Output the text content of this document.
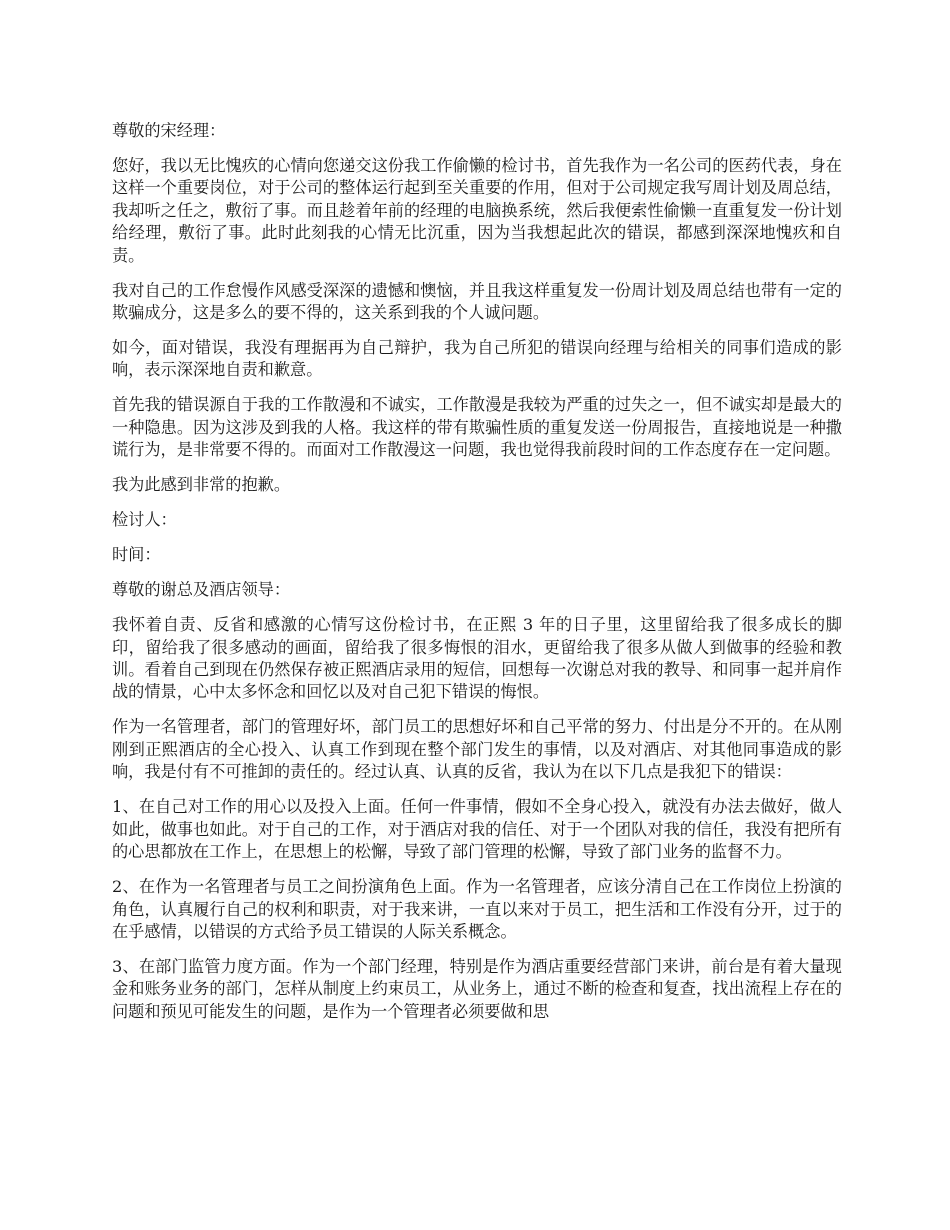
尊敬的宋经理：

您好，我以无比愧疚的心情向您递交这份我工作偷懒的检讨书，首先我作为一名公司的医药代表，身在这样一个重要岗位，对于公司的整体运行起到至关重要的作用，但对于公司规定我写周计划及周总结，我却听之任之，敷衍了事。而且趁着年前的经理的电脑换系统，然后我便索性偷懒一直重复发一份计划给经理，敷衍了事。此时此刻我的心情无比沉重，因为当我想起此次的错误，都感到深深地愧疚和自责。

我对自己的工作怠慢作风感受深深的遗憾和懊恼，并且我这样重复发一份周计划及周总结也带有一定的欺骗成分，这是多么的要不得的，这关系到我的个人诚问题。

如今，面对错误，我没有理据再为自己辩护，我为自己所犯的错误向经理与给相关的同事们造成的影响，表示深深地自责和歉意。

首先我的错误源自于我的工作散漫和不诚实，工作散漫是我较为严重的过失之一，但不诚实却是最大的一种隐患。因为这涉及到我的人格。我这样的带有欺骗性质的重复发送一份周报告，直接地说是一种撒谎行为，是非常要不得的。而面对工作散漫这一问题，我也觉得我前段时间的工作态度存在一定问题。

我为此感到非常的抱歉。

检讨人：

时间：

尊敬的谢总及酒店领导：

我怀着自责、反省和感激的心情写这份检讨书，在正熙 3 年的日子里，这里留给我了很多成长的脚印，留给我了很多感动的画面，留给我了很多悔恨的泪水，更留给我了很多从做人到做事的经验和教训。看着自己到现在仍然保存被正熙酒店录用的短信，回想每一次谢总对我的教导、和同事一起并肩作战的情景，心中太多怀念和回忆以及对自己犯下错误的悔恨。

作为一名管理者，部门的管理好坏，部门员工的思想好坏和自己平常的努力、付出是分不开的。在从刚刚到正熙酒店的全心投入、认真工作到现在整个部门发生的事情，以及对酒店、对其他同事造成的影响，我是付有不可推卸的责任的。经过认真、认真的反省，我认为在以下几点是我犯下的错误：

1、在自己对工作的用心以及投入上面。任何一件事情，假如不全身心投入，就没有办法去做好，做人如此，做事也如此。对于自己的工作，对于酒店对我的信任、对于一个团队对我的信任，我没有把所有的心思都放在工作上，在思想上的松懈，导致了部门管理的松懈，导致了部门业务的监督不力。

2、在作为一名管理者与员工之间扮演角色上面。作为一名管理者，应该分清自己在工作岗位上扮演的角色，认真履行自己的权利和职责，对于我来讲，一直以来对于员工，把生活和工作没有分开，过于的在乎感情，以错误的方式给予员工错误的人际关系概念。

3、在部门监管力度方面。作为一个部门经理，特别是作为酒店重要经营部门来讲，前台是有着大量现金和账务业务的部门，怎样从制度上约束员工，从业务上，通过不断的检查和复查，找出流程上存在的问题和预见可能发生的问题，是作为一个管理者必须要做和思
